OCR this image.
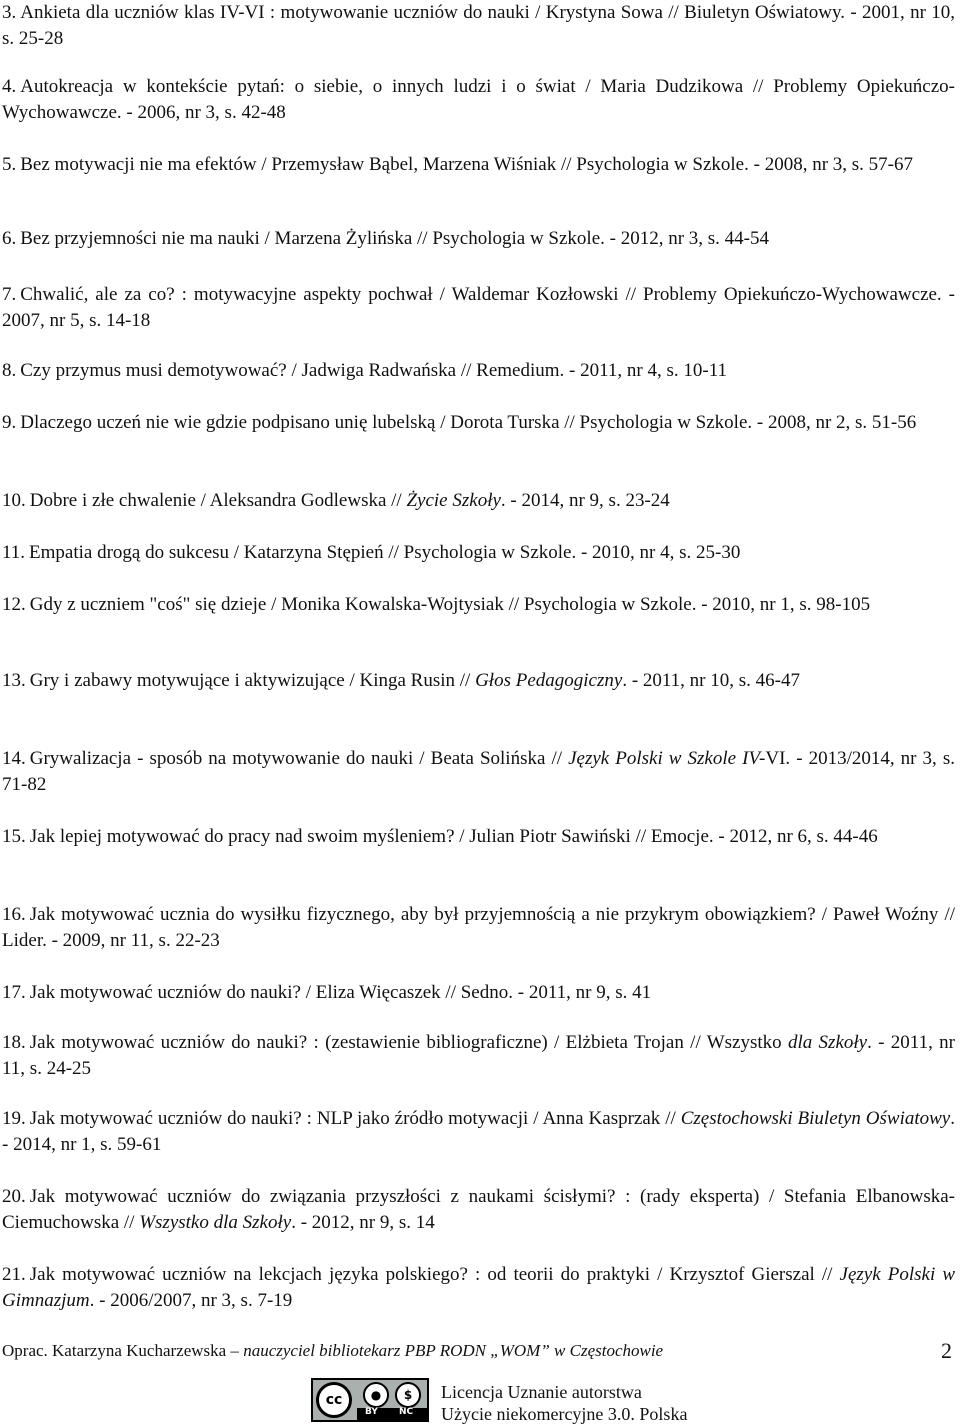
3. Ankieta dla uczniów klas IV-VI : motywowanie uczniów do nauki / Krystyna Sowa // Biuletyn Oświatowy. - 2001, nr 10, s. 25-28

4. Autokreacja w kontekście pytań: o siebie, o innych ludzi i o świat / Maria Dudzikowa // Problemy Opiekuńczo-Wychowawcze. - 2006, nr 3, s. 42-48

5. Bez motywacji nie ma efektów / Przemysław Bąbel, Marzena Wiśniak // Psychologia w Szkole. - 2008, nr 3, s. 57-67

6. Bez przyjemności nie ma nauki / Marzena Żylińska // Psychologia w Szkole. - 2012, nr 3, s. 44-54

7. Chwalić, ale za co? : motywacyjne aspekty pochwał / Waldemar Kozłowski // Problemy Opiekuńczo-Wychowawcze. - 2007, nr 5, s. 14-18

8. Czy przymus musi demotywować? / Jadwiga Radwańska // Remedium. - 2011, nr 4, s. 10-11

9. Dlaczego uczeń nie wie gdzie podpisano unię lubelską / Dorota Turska // Psychologia w Szkole. - 2008, nr 2, s. 51-56

10. Dobre i złe chwalenie / Aleksandra Godlewska // Życie Szkoły. - 2014, nr 9, s. 23-24

11. Empatia drogą do sukcesu / Katarzyna Stępień // Psychologia w Szkole. - 2010, nr 4, s. 25-30

12. Gdy z uczniem "coś" się dzieje / Monika Kowalska-Wojtysiak // Psychologia w Szkole. - 2010, nr 1, s. 98-105

13. Gry i zabawy motywujące i aktywizujące / Kinga Rusin // Głos Pedagogiczny. - 2011, nr 10, s. 46-47

14. Grywalizacja - sposób na motywowanie do nauki / Beata Solińska // Język Polski w Szkole IV-VI. - 2013/2014, nr 3, s. 71-82

15. Jak lepiej motywować do pracy nad swoim myśleniem? / Julian Piotr Sawiński // Emocje. - 2012, nr 6, s. 44-46

16. Jak motywować ucznia do wysiłku fizycznego, aby był przyjemnością a nie przykrym obowiązkiem? / Paweł Woźny // Lider. - 2009, nr 11, s. 22-23

17. Jak motywować uczniów do nauki? / Eliza Więcaszek // Sedno. - 2011, nr 9, s. 41

18. Jak motywować uczniów do nauki? : (zestawienie bibliograficzne) / Elżbieta Trojan // Wszystko dla Szkoły. - 2011, nr 11, s. 24-25

19. Jak motywować uczniów do nauki? : NLP jako źródło motywacji / Anna Kasprzak // Częstochowski Biuletyn Oświatowy. - 2014, nr 1, s. 59-61

20. Jak motywować uczniów do związania przyszłości z naukami ścisłymi? : (rady eksperta) / Stefania Elbanowska-Ciemuchowska // Wszystko dla Szkoły. - 2012, nr 9, s. 14

21. Jak motywować uczniów na lekcjach języka polskiego? : od teorii do praktyki / Krzysztof Gierszal // Język Polski w Gimnazjum. - 2006/2007, nr 3, s. 7-19

Oprac. Katarzyna Kucharzewska – nauczyciel bibliotekarz PBP RODN „WOM” w Częstochowie	2
cc	●	$
BY NC
Licencja Uznanie autorstwa
Użycie niekomercyjne 3.0. Polska
